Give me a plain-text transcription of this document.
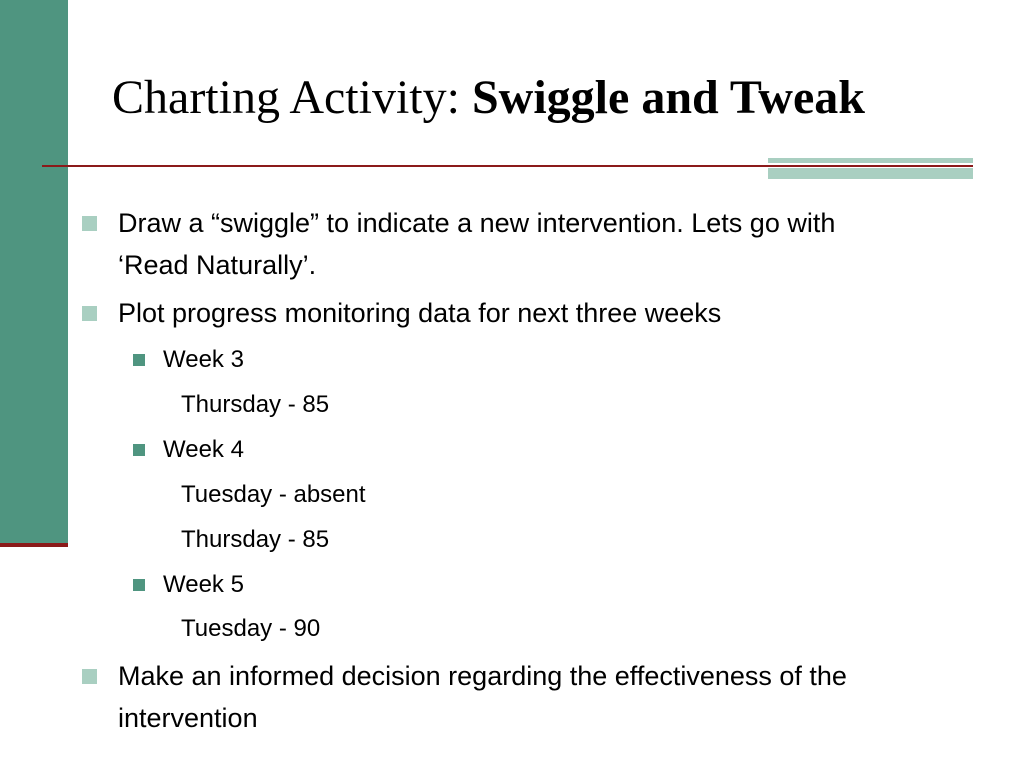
Charting Activity: Swiggle and Tweak
Draw a “swiggle” to indicate a new intervention. Lets go with
‘Read Naturally’.
Plot progress monitoring data for next three weeks
Week 3
Thursday - 85
Week 4
Tuesday - absent
Thursday - 85
Week 5
Tuesday - 90
Make an informed decision regarding the effectiveness of the
intervention
